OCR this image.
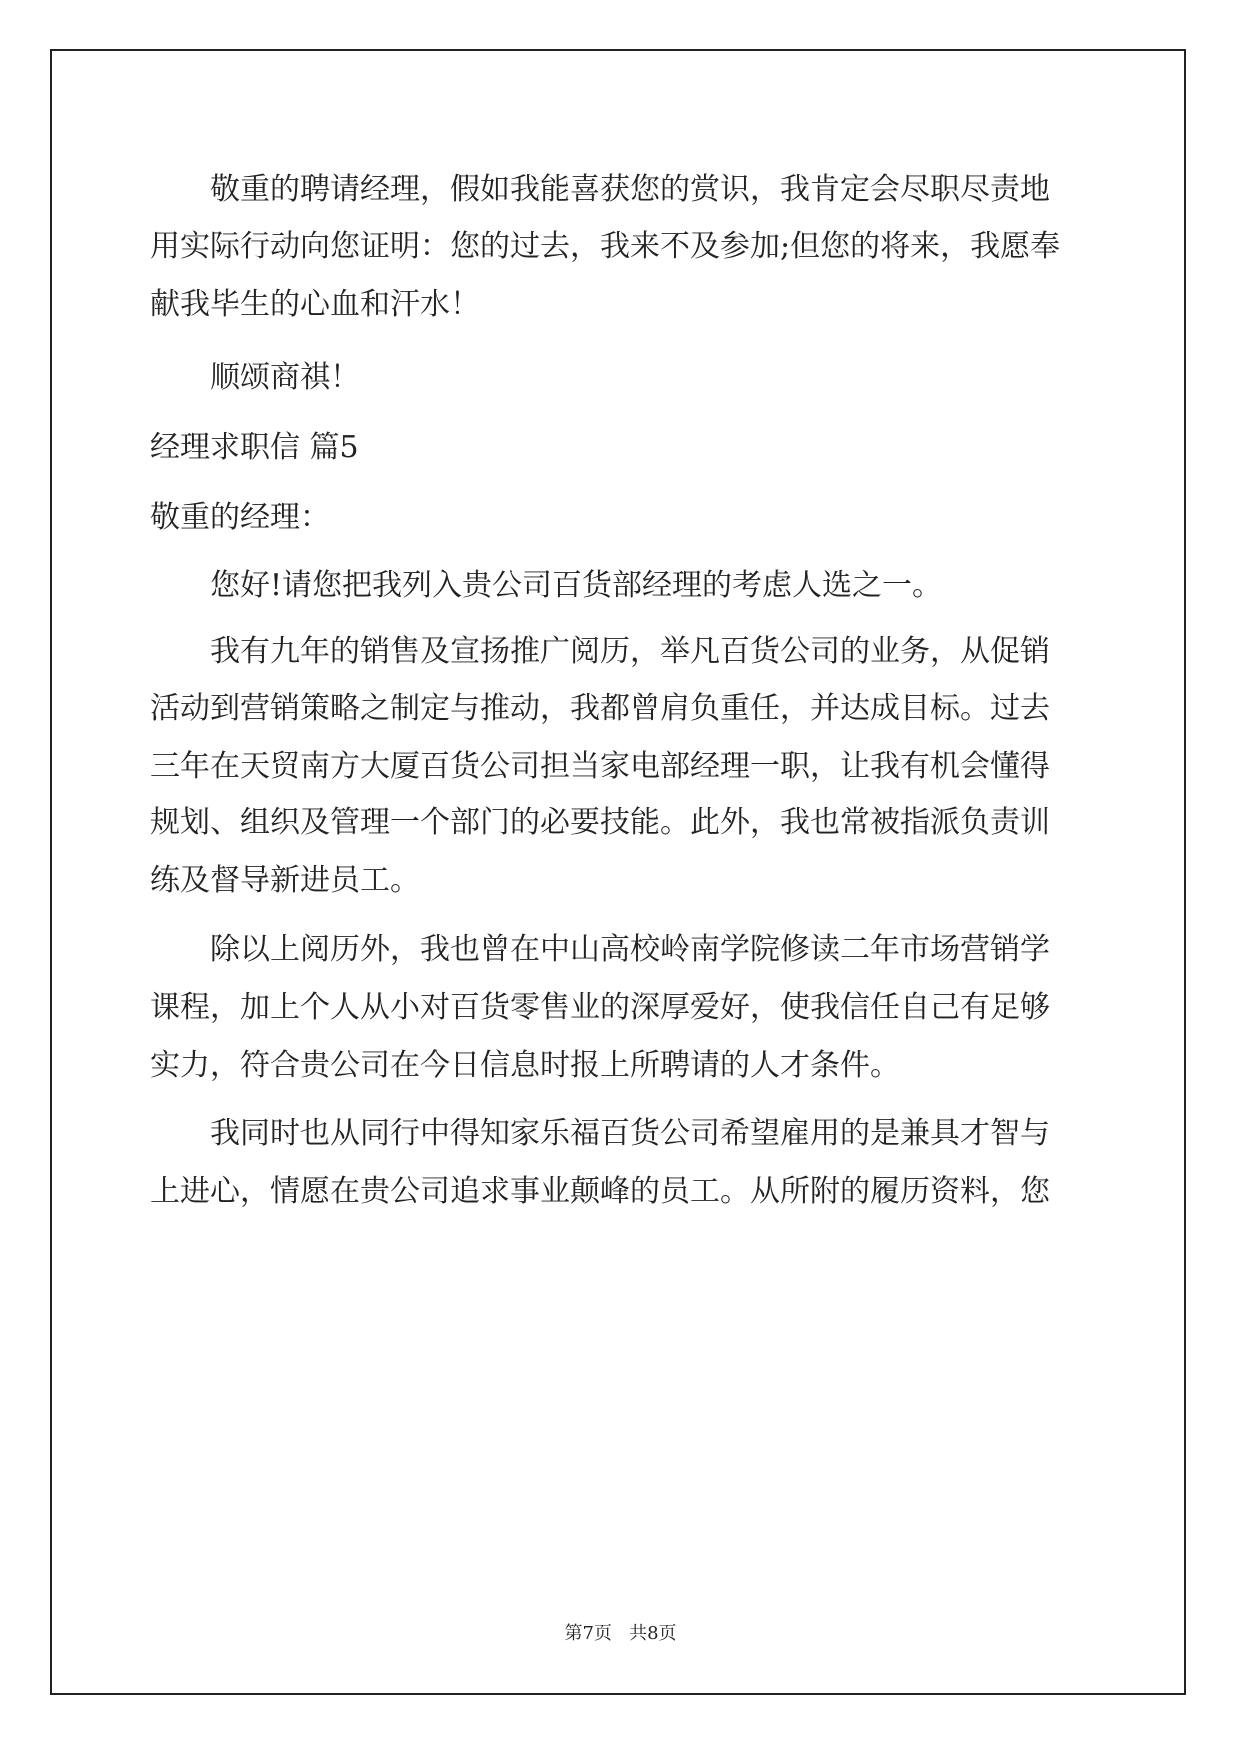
　　敬重的聘请经理，假如我能喜获您的赏识，我肯定会尽职尽责地

用实际行动向您证明：您的过去，我来不及参加;但您的将来，我愿奉

献我毕生的心血和汗水！

　　顺颂商祺！

经理求职信 篇5

敬重的经理：

　　您好!请您把我列入贵公司百货部经理的考虑人选之一。

　　我有九年的销售及宣扬推广阅历，举凡百货公司的业务，从促销

活动到营销策略之制定与推动，我都曾肩负重任，并达成目标。过去

三年在天贸南方大厦百货公司担当家电部经理一职，让我有机会懂得

规划、组织及管理一个部门的必要技能。此外，我也常被指派负责训

练及督导新进员工。

　　除以上阅历外，我也曾在中山高校岭南学院修读二年市场营销学

课程，加上个人从小对百货零售业的深厚爱好，使我信任自己有足够

实力，符合贵公司在今日信息时报上所聘请的人才条件。

　　我同时也从同行中得知家乐福百货公司希望雇用的是兼具才智与

上进心，情愿在贵公司追求事业颠峰的员工。从所附的履历资料，您

第7页   共8页
